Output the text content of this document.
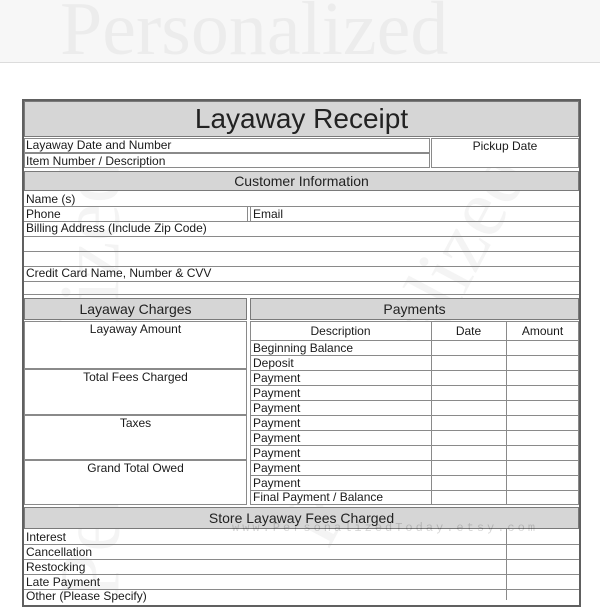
Layaway Receipt
Layaway Date and Number
Item Number / Description
Pickup Date
Customer Information
Name (s)
Phone	Email
Billing Address (Include Zip Code)
Credit Card Name, Number & CVV
Layaway Charges
Layaway Amount
Total Fees Charged
Taxes
Grand Total Owed
Payments
Description	Date	Amount
Beginning Balance
Deposit
Payment
Payment
Payment
Payment
Payment
Payment
Payment
Payment
Final Payment / Balance
Store Layaway Fees Charged
Interest
Cancellation
Restocking
Late Payment
Other (Please Specify)
www.PersonalizedToday.etsy.com
